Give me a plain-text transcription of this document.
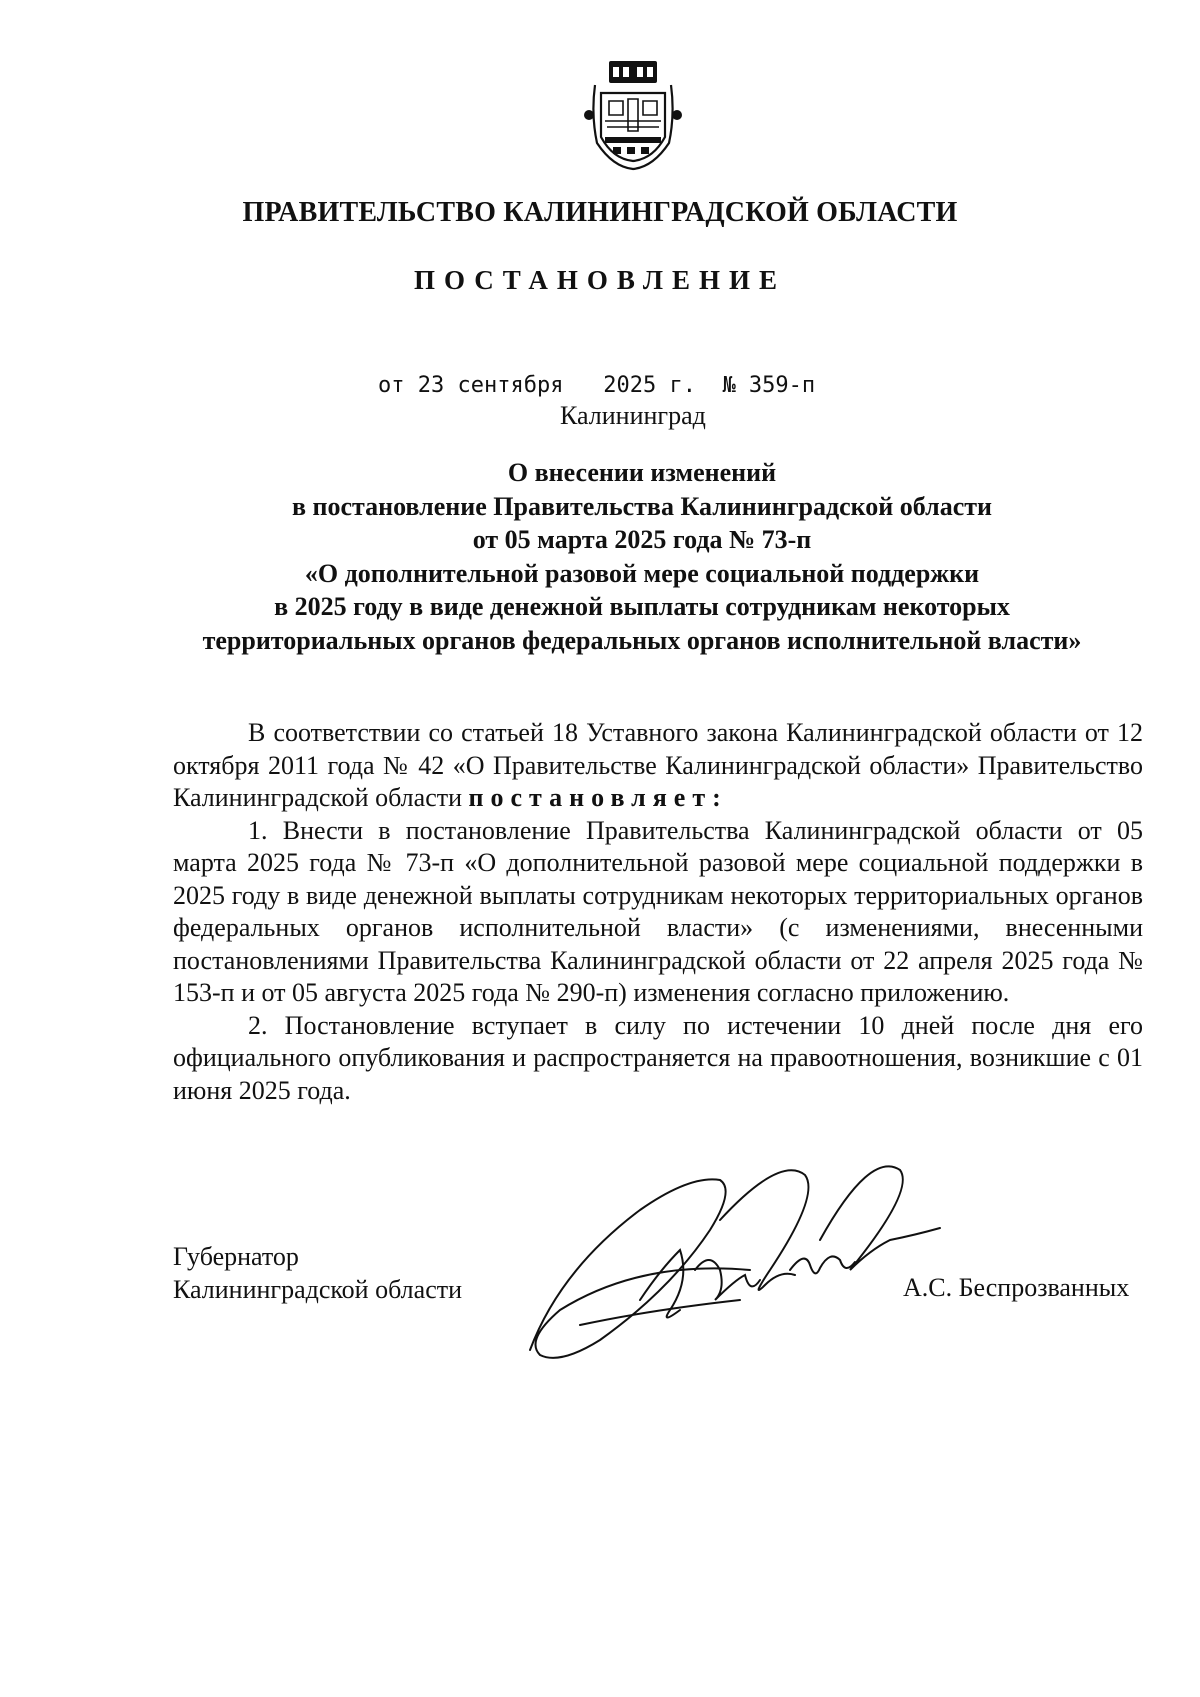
ПРАВИТЕЛЬСТВО КАЛИНИНГРАДСКОЙ ОБЛАСТИ
ПОСТАНОВЛЕНИЕ
от 23 сентября 2025 г. № 359-п
Калининград
О внесении изменений
в постановление Правительства Калининградской области
от 05 марта 2025 года № 73-п
«О дополнительной разовой мере социальной поддержки
в 2025 году в виде денежной выплаты сотрудникам некоторых
территориальных органов федеральных органов исполнительной власти»

В соответствии со статьей 18 Уставного закона Калининградской области от 12 октября 2011 года № 42 «О Правительстве Калининградской области» Правительство Калининградской области постановляет:

1. Внести в постановление Правительства Калининградской области от 05 марта 2025 года № 73-п «О дополнительной разовой мере социальной поддержки в 2025 году в виде денежной выплаты сотрудникам некоторых территориальных органов федеральных органов исполнительной власти» (с изменениями, внесенными постановлениями Правительства Калининградской области от 22 апреля 2025 года № 153-п и от 05 августа 2025 года № 290-п) изменения согласно приложению.

2. Постановление вступает в силу по истечении 10 дней после дня его официального опубликования и распространяется на правоотношения, возникшие с 01 июня 2025 года.

Губернатор
Калининградской области	А.С. Беспрозванных
